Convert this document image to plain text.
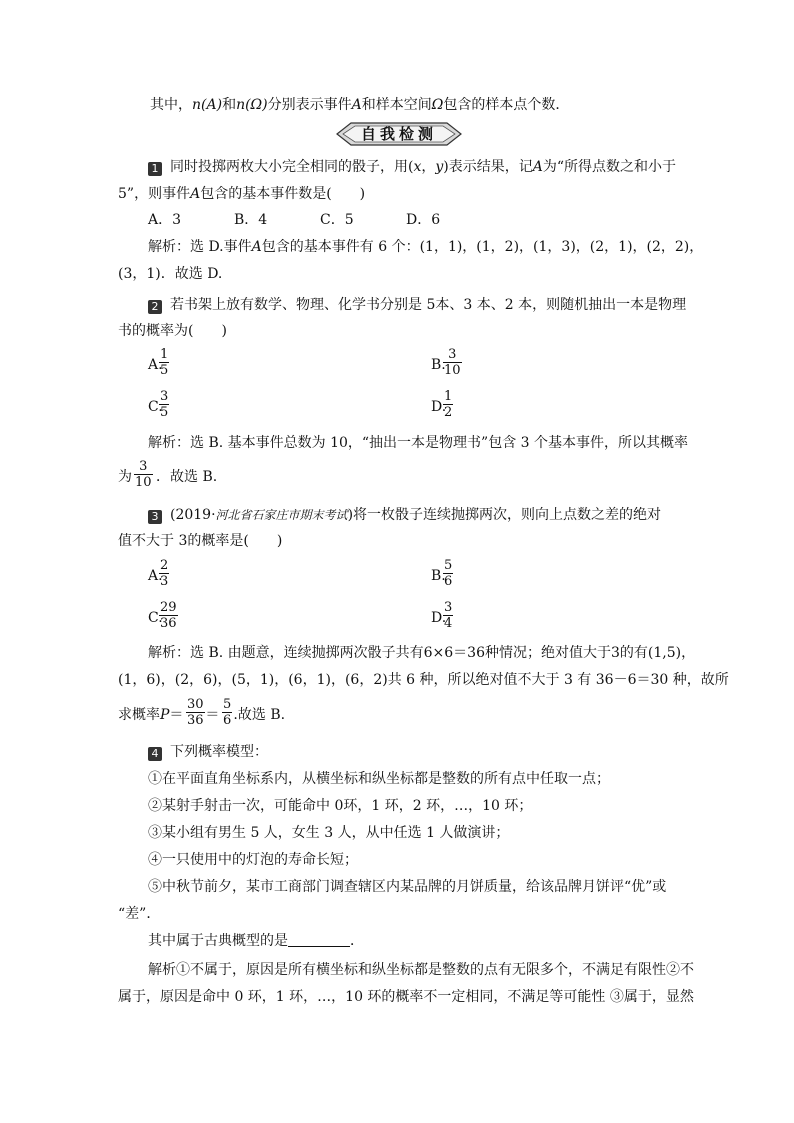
其中，n(A)和n(Ω)分别表示事件A和样本空间Ω包含的样本点个数．
自我检测
1 同时投掷两枚大小完全相同的骰子，用(x，y)表示结果，记A为“所得点数之和小于
5”，则事件A包含的基本事件数是(　　)
A．3	B．4	C．5	D．6
解析：选 D.事件A包含的基本事件有 6 个：(1，1)，(1，2)，(1，3)，(2，1)，(2，2)，
(3，1)．故选 D.
2 若书架上放有数学、物理、化学书分别是 5本、3 本、2 本，则随机抽出一本是物理
书的概率为(　　)
A.
$\frac{1}{5}$	B.
$\frac{3}{10}$
C.
$\frac{3}{5}$	D.
$\frac{1}{2}$
解析：选 B. 基本事件总数为 10，“抽出一本是物理书”包含 3 个基本事件，所以其概率
为 ．故选 B.
$\frac{3}{10}$
3 (2019·河北省石家庄市期末考试)将一枚骰子连续抛掷两次，则向上点数之差的绝对
值不大于 3的概率是(　　)
A.
$\frac{2}{3}$	B.
$\frac{5}{6}$
C.
$\frac{29}{36}$	D.
$\frac{3}{4}$
解析：选 B. 由题意，连续抛掷两次骰子共有6×6＝36种情况；绝对值大于3的有(1,5)，
(1，6)，(2，6)，(5，1)，(6，1)，(6，2)共 6 种，所以绝对值不大于 3 有 36－6＝30 种，故所
求概率P＝ ＝ .故选 B.
$\frac{30}{36} \frac{5}{6}$
4 下列概率模型：
①在平面直角坐标系内，从横坐标和纵坐标都是整数的所有点中任取一点；
②某射手射击一次，可能命中 0环，1 环，2 环，…，10 环；
③某小组有男生 5 人，女生 3 人，从中任选 1 人做演讲；
④一只使用中的灯泡的寿命长短；
⑤中秋节前夕，某市工商部门调查辖区内某品牌的月饼质量，给该品牌月饼评“优”或
“差”．
其中属于古典概型的是	．
解析①不属于，原因是所有横坐标和纵坐标都是整数的点有无限多个，不满足有限性②不
属于，原因是命中 0 环，1 环，…，10 环的概率不一定相同，不满足等可能性 ③属于，显然
